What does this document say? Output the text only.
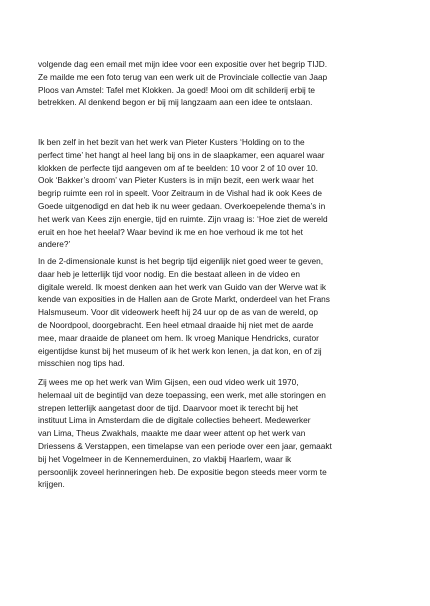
volgende dag een email met mijn idee voor een expositie over het begrip TIJD.
Ze mailde me een foto terug van een werk uit de Provinciale collectie van Jaap
Ploos van Amstel: Tafel met Klokken. Ja goed! Mooi om dit schilderij erbij te
betrekken. Al denkend begon er bij mij langzaam aan een idee te ontslaan.

Ik ben zelf in het bezit van het werk van Pieter Kusters ‘Holding on to the
perfect time’ het hangt al heel lang bij ons in de slaapkamer, een aquarel waar
klokken de perfecte tijd aangeven om af te beelden: 10 voor 2 of 10 over 10.
Ook ‘Bakker’s droom’ van Pieter Kusters is in mijn bezit, een werk waar het
begrip ruimte een rol in speelt. Voor Zeitraum in de Vishal had ik ook Kees de
Goede uitgenodigd en dat heb ik nu weer gedaan. Overkoepelende thema’s in
het werk van Kees zijn energie, tijd en ruimte. Zijn vraag is: ‘Hoe ziet de wereld
eruit en hoe het heelal? Waar bevind ik me en hoe verhoud ik me tot het
andere?’

In de 2-dimensionale kunst is het begrip tijd eigenlijk niet goed weer te geven,
daar heb je letterlijk tijd voor nodig. En die bestaat alleen in de video en
digitale wereld. Ik moest denken aan het werk van Guido van der Werve wat ik
kende van exposities in de Hallen aan de Grote Markt, onderdeel van het Frans
Halsmuseum. Voor dit videowerk heeft hij 24 uur op de as van de wereld, op
de Noordpool, doorgebracht. Een heel etmaal draaide hij niet met de aarde
mee, maar draaide de planeet om hem. Ik vroeg Manique Hendricks, curator
eigentijdse kunst bij het museum of ik het werk kon lenen, ja dat kon, en of zij
misschien nog tips had.

Zij wees me op het werk van Wim Gijsen, een oud video werk uit 1970,
helemaal uit de begintijd van deze toepassing, een werk, met alle storingen en
strepen letterlijk aangetast door de tijd. Daarvoor moet ik terecht bij het
instituut Lima in Amsterdam die de digitale collecties beheert. Medewerker
van Lima, Theus Zwakhals, maakte me daar weer attent op het werk van
Driessens & Verstappen, een timelapse van een periode over een jaar, gemaakt
bij het Vogelmeer in de Kennemerduinen, zo vlakbij Haarlem, waar ik
persoonlijk zoveel herinneringen heb. De expositie begon steeds meer vorm te
krijgen.
